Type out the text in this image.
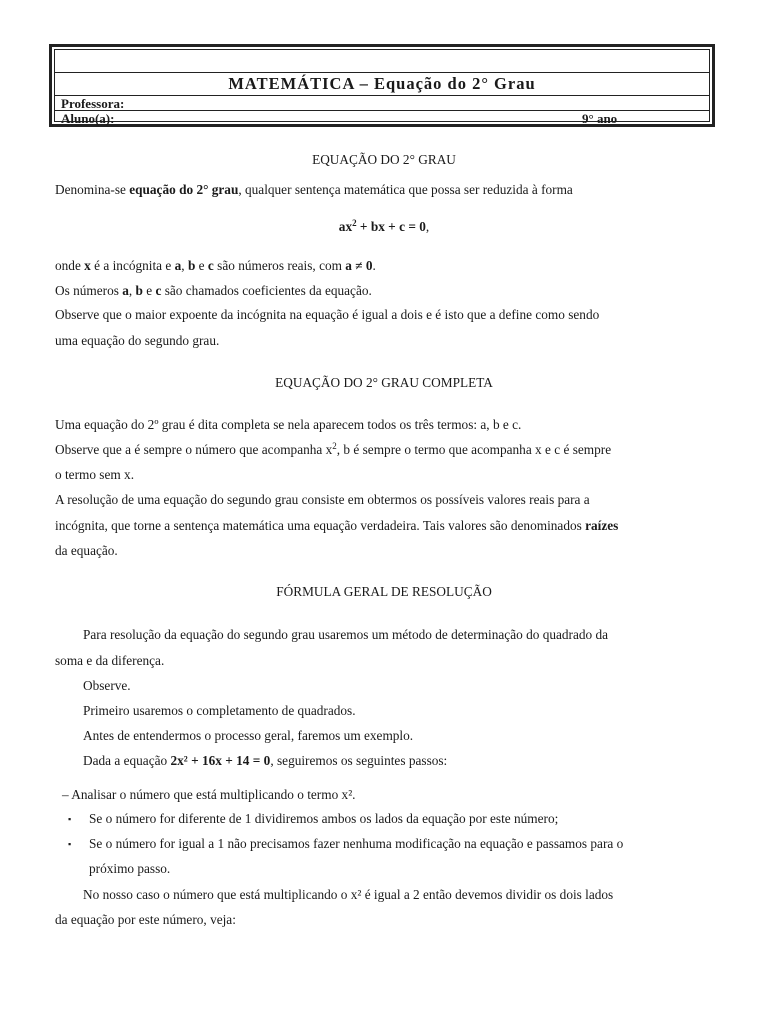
MATEMÁTICA – Equação do 2° Grau
Professora:
Aluno(a):	9° ano
EQUAÇÃO DO 2° GRAU
Denomina-se equação do 2° grau, qualquer sentença matemática que possa ser reduzida à forma
$ax^2$ + bx + c = 0,
onde x é a incógnita e a, b e c são números reais, com a ≠ 0.
Os números a, b e c são chamados coeficientes da equação.
Observe que o maior expoente da incógnita na equação é igual a dois e é isto que a define como sendo
uma equação do segundo grau.
EQUAÇÃO DO 2° GRAU COMPLETA
Uma equação do 2º grau é dita completa se nela aparecem todos os três termos: a, b e c.
Observe que a é sempre o número que acompanha $x^2$, b é sempre o termo que acompanha x e c é sempre
o termo sem x.
A resolução de uma equação do segundo grau consiste em obtermos os possíveis valores reais para a
incógnita, que torne a sentença matemática uma equação verdadeira. Tais valores são denominados raízes
da equação.
FÓRMULA GERAL DE RESOLUÇÃO
Para resolução da equação do segundo grau usaremos um método de determinação do quadrado da
soma e da diferença.
Observe.
Primeiro usaremos o completamento de quadrados.
Antes de entendermos o processo geral, faremos um exemplo.
Dada a equação 2x² + 16x + 14 = 0, seguiremos os seguintes passos:
– Analisar o número que está multiplicando o termo x².
▪ Se o número for diferente de 1 dividiremos ambos os lados da equação por este número;
▪ Se o número for igual a 1 não precisamos fazer nenhuma modificação na equação e passamos para o
próximo passo.
No nosso caso o número que está multiplicando o x² é igual a 2 então devemos dividir os dois lados
da equação por este número, veja:
